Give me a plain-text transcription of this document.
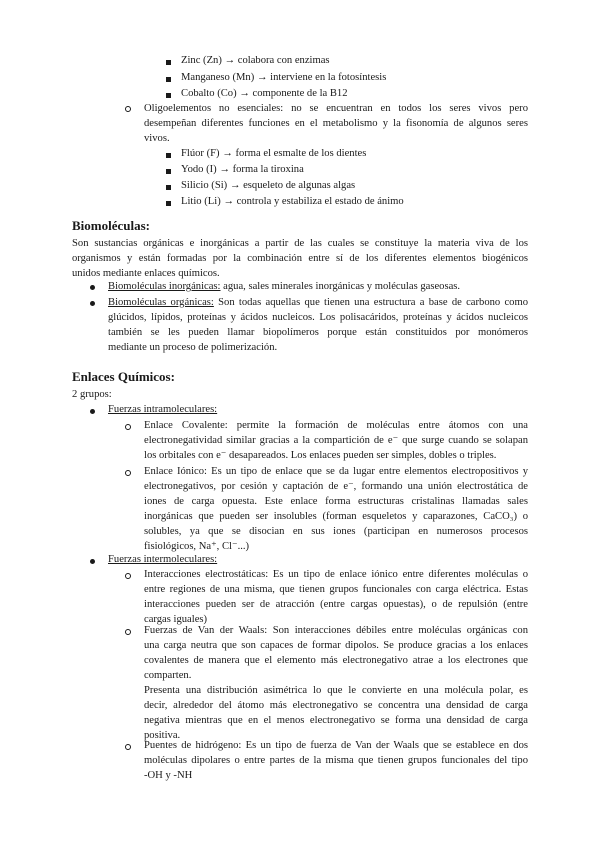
Zinc (Zn) → colabora con enzimas
Manganeso (Mn) → interviene en la fotosíntesis
Cobalto (Co) → componente de la B12
Oligoelementos no esenciales: no se encuentran en todos los seres vivos pero
desempeñan diferentes funciones en el metabolismo y la fisonomía de algunos seres
vivos.
Flúor (F) → forma el esmalte de los dientes
Yodo (I) → forma la tiroxina
Silicio (Si) → esqueleto de algunas algas
Litio (Li) → controla y estabiliza el estado de ánimo
Biomoléculas:
Son sustancias orgánicas e inorgánicas a partir de las cuales se constituye la materia viva de los
organismos y están formadas por la combinación entre sí de los diferentes elementos biogénicos
unidos mediante enlaces químicos.
Biomoléculas inorgánicas: agua, sales minerales inorgánicas y moléculas gaseosas.
Biomoléculas orgánicas: Son todas aquellas que tienen una estructura a base de carbono como
glúcidos, lípidos, proteínas y ácidos nucleicos. Los polisacáridos, proteínas y ácidos nucleicos
también se les pueden llamar biopolímeros porque están constituidos por monómeros
mediante un proceso de polimerización.
Enlaces Químicos:
2 grupos:
Fuerzas intramoleculares:
Enlace Covalente: permite la formación de moléculas entre átomos con una
electronegatividad similar gracias a la compartición de e⁻ que surge cuando se solapan
los orbitales con e⁻ desapareados. Los enlaces pueden ser simples, dobles o triples.
Enlace Iónico: Es un tipo de enlace que se da lugar entre elementos electropositivos y
electronegativos, por cesión y captación de e⁻, formando una unión electrostática de
iones de carga opuesta. Este enlace forma estructuras cristalinas llamadas sales
inorgánicas que pueden ser insolubles (forman esqueletos y caparazones, CaCO₃) o
solubles, ya que se disocian en sus iones (participan en numerosos procesos
fisiológicos, Na⁺, Cl⁻...)
Fuerzas intermoleculares:
Interacciones electrostáticas: Es un tipo de enlace iónico entre diferentes moléculas o
entre regiones de una misma, que tienen grupos funcionales con carga eléctrica. Estas
interacciones pueden ser de atracción (entre cargas opuestas), o de repulsión (entre
cargas iguales)
Fuerzas de Van der Waals: Son interacciones débiles entre moléculas orgánicas con
una carga neutra que son capaces de formar dipolos. Se produce gracias a los enlaces
covalentes de manera que el elemento más electronegativo atrae a los electrones que
comparten.
Presenta una distribución asimétrica lo que le convierte en una molécula polar, es
decir, alrededor del átomo más electronegativo se concentra una densidad de carga
negativa mientras que en el menos electronegativo se forma una densidad de carga
positiva.
Puentes de hidrógeno: Es un tipo de fuerza de Van der Waals que se establece en dos
moléculas dipolares o entre partes de la misma que tienen grupos funcionales del tipo
-OH y -NH
